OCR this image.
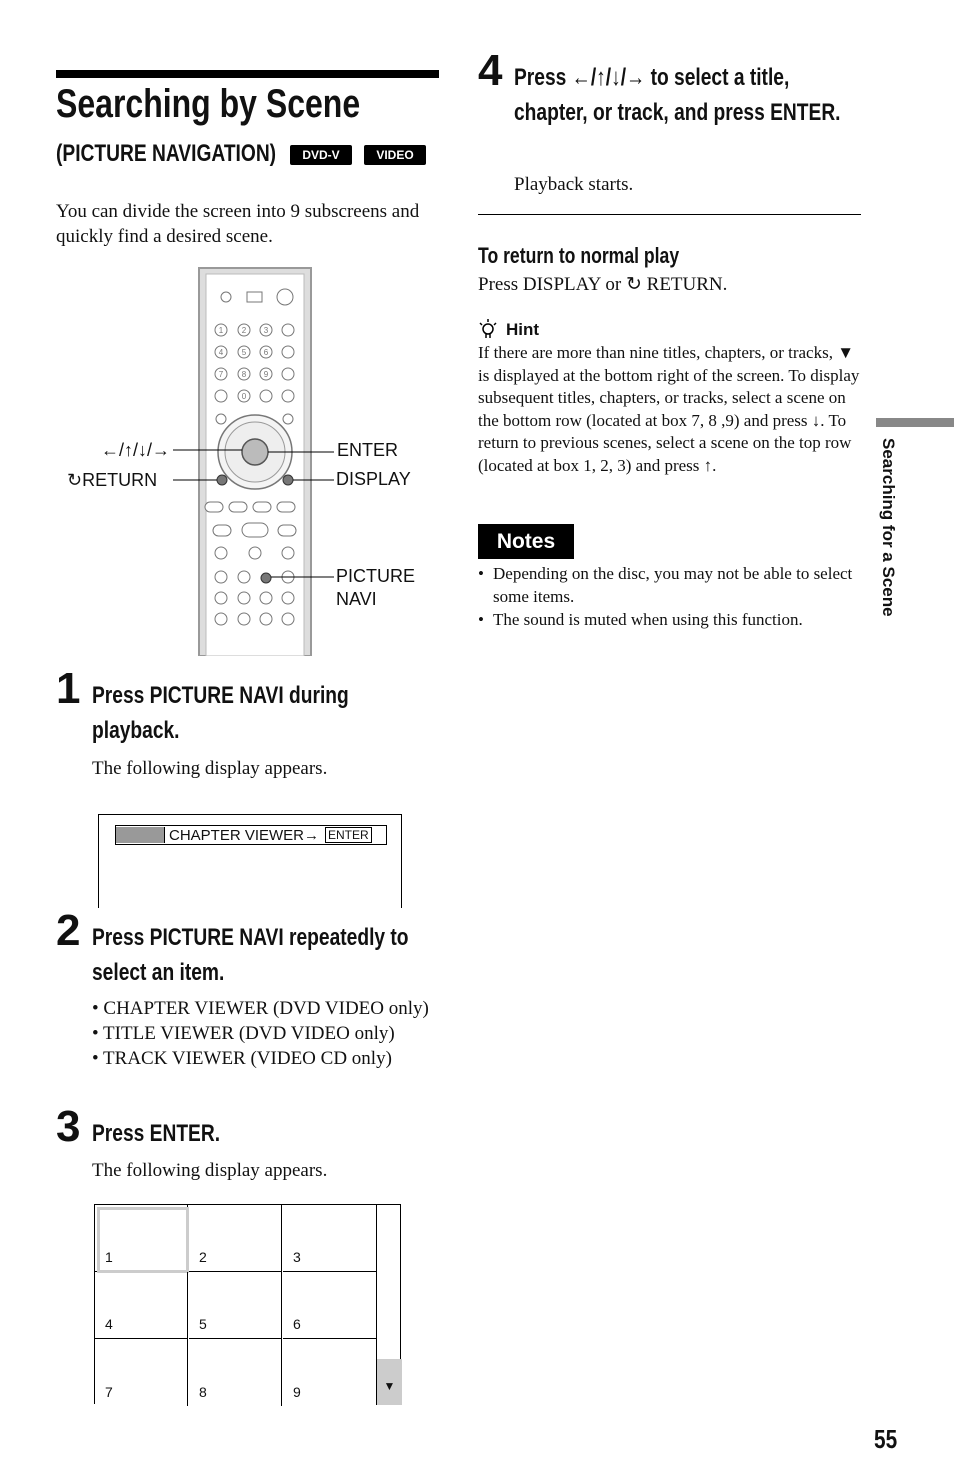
Searching by Scene
(PICTURE NAVIGATION)	DVD-V	VIDEO CD
You can divide the screen into 9 subscreens and quickly find a desired scene.
1 2 3
4 5 6
7 8 9
0
←/↑/↓/→
↻RETURN
ENTER
DISPLAY
PICTURE
NAVI
1 Press PICTURE NAVI during playback.
The following display appears.
CHAPTER VIEWER → ENTER
2 Press PICTURE NAVI repeatedly to select an item.
• CHAPTER VIEWER (DVD VIDEO only)
• TITLE VIEWER (DVD VIDEO only)
• TRACK VIEWER (VIDEO CD only)
3 Press ENTER.
The following display appears.
1	2	3
4	5	6
7	8	9	▼
4 Press ←/↑/↓/→ to select a title, chapter, or track, and press ENTER.
Playback starts.
To return to normal play
Press DISPLAY or ↻ RETURN.
Hint
If there are more than nine titles, chapters, or tracks, ▼ is displayed at the bottom right of the screen. To display subsequent titles, chapters, or tracks, select a scene on the bottom row (located at box 7, 8 ,9) and press ↓. To return to previous scenes, select a scene on the top row (located at box 1, 2, 3) and press ↑.
Notes
• Depending on the disc, you may not be able to select some items.
• The sound is muted when using this function.
Searching for a Scene
55
